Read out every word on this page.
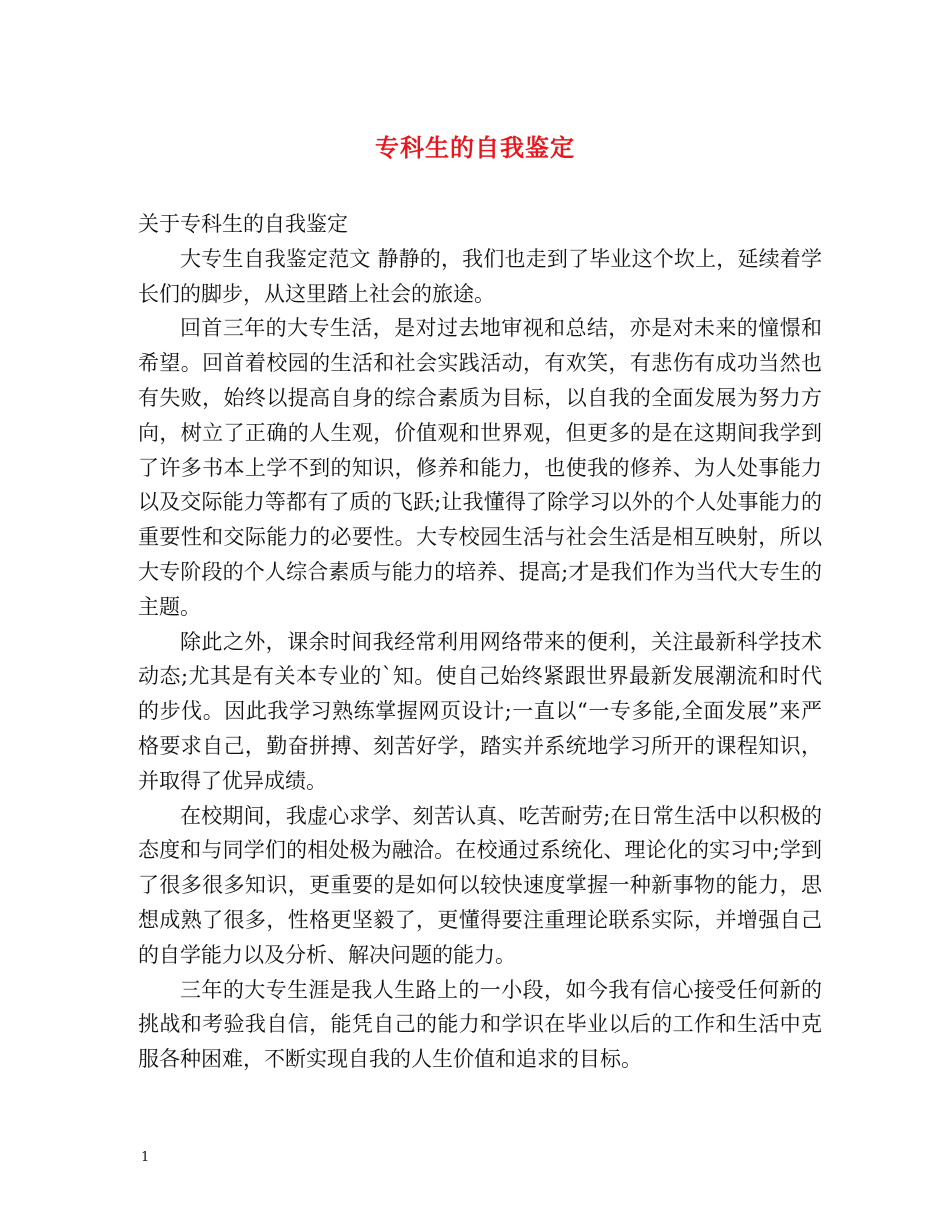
专科生的自我鉴定

关于专科生的自我鉴定

大专生自我鉴定范文 静静的，我们也走到了毕业这个坎上，延续着学长们的脚步，从这里踏上社会的旅途。

回首三年的大专生活，是对过去地审视和总结，亦是对未来的憧憬和希望。回首着校园的生活和社会实践活动，有欢笑，有悲伤有成功当然也有失败，始终以提高自身的综合素质为目标，以自我的全面发展为努力方向，树立了正确的人生观，价值观和世界观，但更多的是在这期间我学到了许多书本上学不到的知识，修养和能力，也使我的修养、为人处事能力以及交际能力等都有了质的飞跃;让我懂得了除学习以外的个人处事能力的重要性和交际能力的必要性。大专校园生活与社会生活是相互映射，所以大专阶段的个人综合素质与能力的培养、提高;才是我们作为当代大专生的主题。

除此之外，课余时间我经常利用网络带来的便利，关注最新科学技术动态;尤其是有关本专业的`知。使自己始终紧跟世界最新发展潮流和时代的步伐。因此我学习熟练掌握网页设计;一直以“一专多能,全面发展”来严格要求自己，勤奋拼搏、刻苦好学，踏实并系统地学习所开的课程知识，并取得了优异成绩。

在校期间，我虚心求学、刻苦认真、吃苦耐劳;在日常生活中以积极的态度和与同学们的相处极为融洽。在校通过系统化、理论化的实习中;学到了很多很多知识，更重要的是如何以较快速度掌握一种新事物的能力，思想成熟了很多，性格更坚毅了，更懂得要注重理论联系实际，并增强自己的自学能力以及分析、解决问题的能力。

三年的大专生涯是我人生路上的一小段，如今我有信心接受任何新的挑战和考验我自信，能凭自己的能力和学识在毕业以后的工作和生活中克服各种困难，不断实现自我的人生价值和追求的目标。

1
